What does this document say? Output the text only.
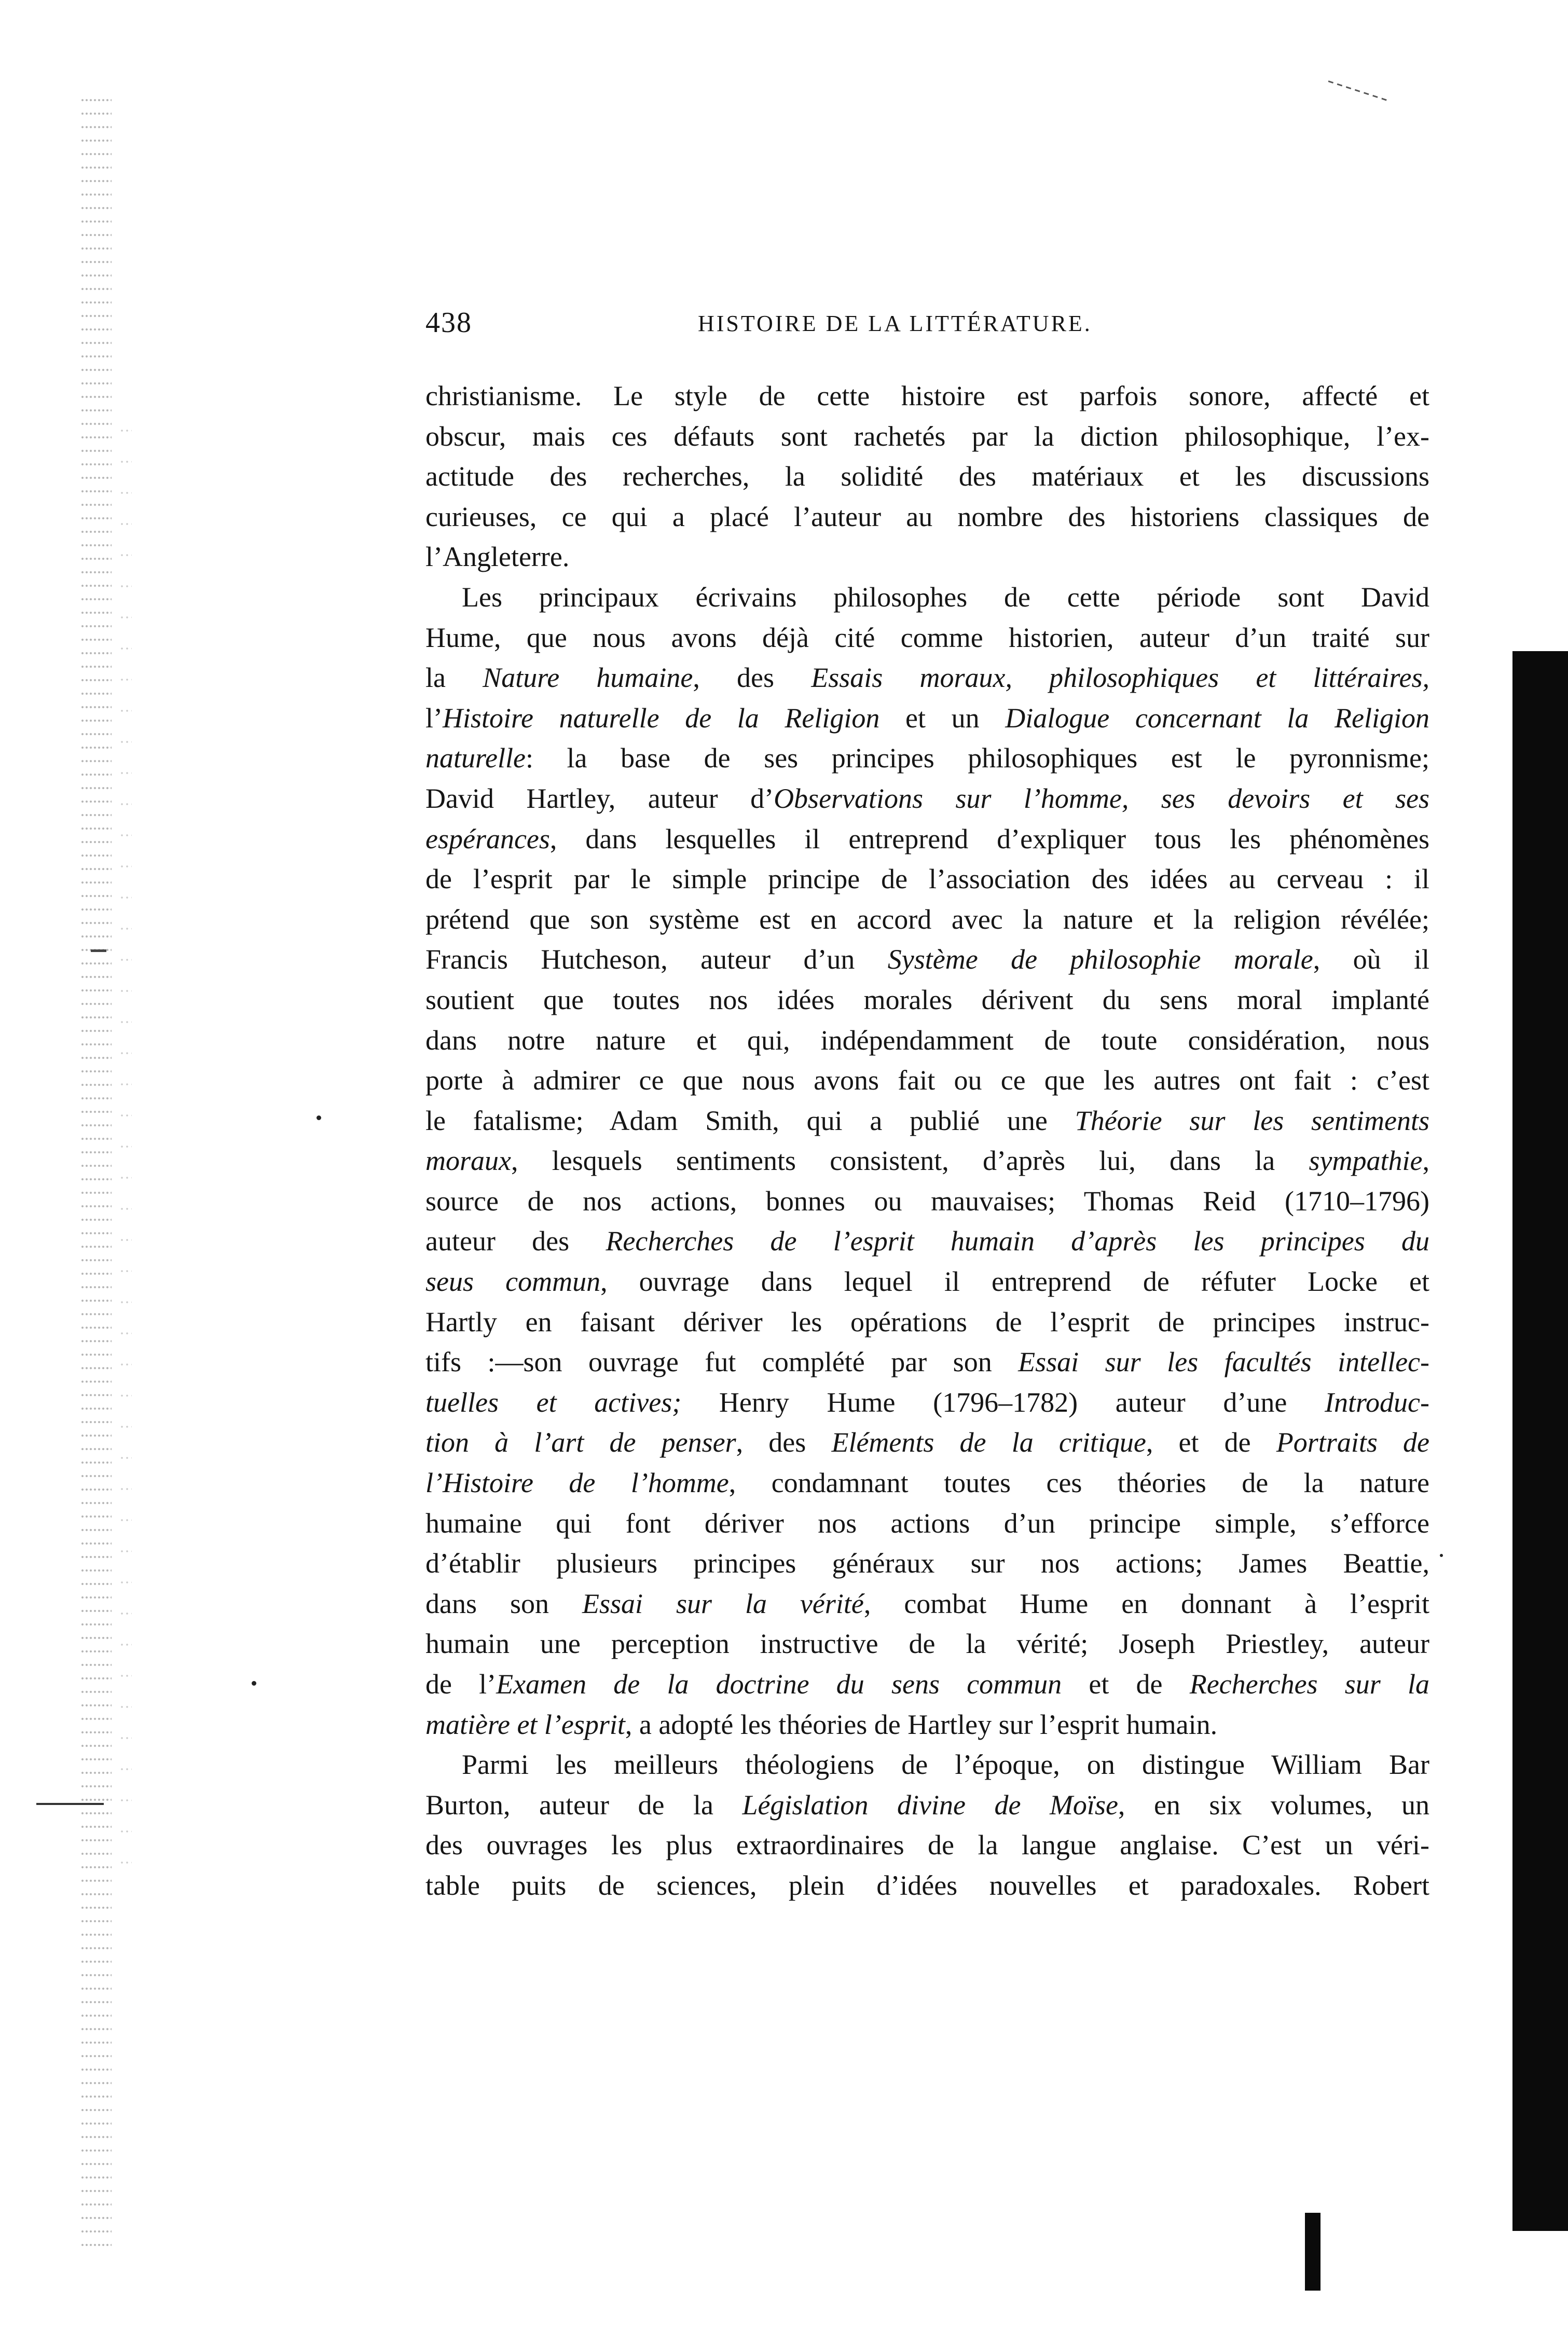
438	HISTOIRE DE LA LITTÉRATURE.
christianisme. Le style de cette histoire est parfois sonore, affecté et
obscur, mais ces défauts sont rachetés par la diction philosophique, l’ex-
actitude des recherches, la solidité des matériaux et les discussions
curieuses, ce qui a placé l’auteur au nombre des historiens classiques de
l’Angleterre.
Les principaux écrivains philosophes de cette période sont David
Hume, que nous avons déjà cité comme historien, auteur d’un traité sur
la Nature humaine, des Essais moraux, philosophiques et littéraires,
l’Histoire naturelle de la Religion et un Dialogue concernant la Religion
naturelle: la base de ses principes philosophiques est le pyronnisme;
David Hartley, auteur d’Observations sur l’homme, ses devoirs et ses
espérances, dans lesquelles il entreprend d’expliquer tous les phénomènes
de l’esprit par le simple principe de l’association des idées au cerveau : il
prétend que son système est en accord avec la nature et la religion révélée;
Francis Hutcheson, auteur d’un Système de philosophie morale, où il
soutient que toutes nos idées morales dérivent du sens moral implanté
dans notre nature et qui, indépendamment de toute considération, nous
porte à admirer ce que nous avons fait ou ce que les autres ont fait : c’est
le fatalisme; Adam Smith, qui a publié une Théorie sur les sentiments
moraux, lesquels sentiments consistent, d’après lui, dans la sympathie,
source de nos actions, bonnes ou mauvaises; Thomas Reid (1710–1796)
auteur des Recherches de l’esprit humain d’après les principes du
seus commun, ouvrage dans lequel il entreprend de réfuter Locke et
Hartly en faisant dériver les opérations de l’esprit de principes instruc-
tifs :—son ouvrage fut complété par son Essai sur les facultés intellec-
tuelles et actives; Henry Hume (1796–1782) auteur d’une Introduc-
tion à l’art de penser, des Eléments de la critique, et de Portraits de
l’Histoire de l’homme, condamnant toutes ces théories de la nature
humaine qui font dériver nos actions d’un principe simple, s’efforce
d’établir plusieurs principes généraux sur nos actions; James Beattie,
dans son Essai sur la vérité, combat Hume en donnant à l’esprit
humain une perception instructive de la vérité; Joseph Priestley, auteur
de l’Examen de la doctrine du sens commun et de Recherches sur la
matière et l’esprit, a adopté les théories de Hartley sur l’esprit humain.
Parmi les meilleurs théologiens de l’époque, on distingue William Bar
Burton, auteur de la Législation divine de Moïse, en six volumes, un
des ouvrages les plus extraordinaires de la langue anglaise. C’est un véri-
table puits de sciences, plein d’idées nouvelles et paradoxales. Robert
